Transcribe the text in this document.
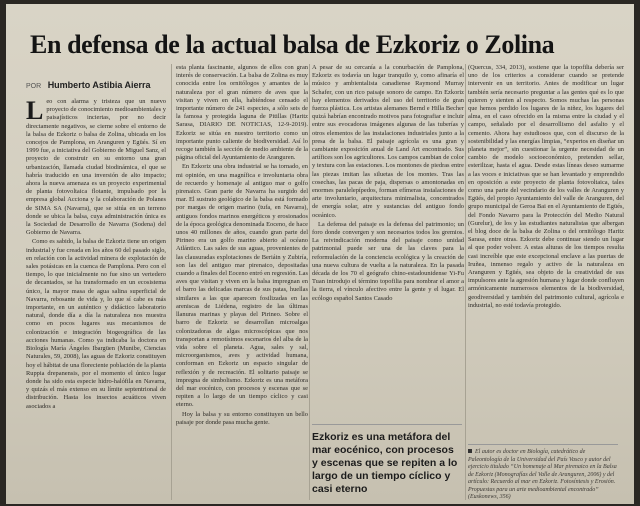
En defensa de la actual balsa de Ezkoriz o Zolina
POR Humberto Astibia Aierra

Leo con alarma y tristeza que un nuevo proyecto de conocimiento medioambientales y paisajísticos inciertas, por no decir directamente negativos, se cierne sobre el entorno de la balsa de Ezkoriz o balsa de Zolina, ubicada en los concejos de Pamplona, en Aranguren y Egüés. Sí en 1999 fue, a iniciativa del Gobierno de Miguel Sanz, el proyecto de construir en su entorno una gran urbanización, llamada ciudad biodinámica, el que se habría traducido en una inversión de alto impacto; ahora la nueva amenaza es un proyecto experimental de planta fotovoltaica flotante, impulsado por la empresa global Acciona y la colaboración de Polanes de SIMA SA (Navarra), que se sitúa en un terreno donde se ubica la balsa, cuya administración única es la Sociedad de Desarrollo de Navarra (Sodena) del Gobierno de Navarra.

Como es sabido, la balsa de Ezkoriz tiene un origen industrial y fue creada en los años 60 del pasado siglo, en relación con la actividad minera de explotación de sales potásicas en la cuenca de Pamplona. Pero con el tiempo, lo que inicialmente no fue sino un vertedero de decantados, se ha transformado en un ecosistema único, la mayor masa de agua salina superficial de Navarra, rebosante de vida y, lo que sí cabe es más importante, en un auténtico y didáctico laboratorio natural, donde día a día la naturaleza nos muestra como en pocos lugares sus mecanismos de colonización e integración biogeográfica de las acciones humanas. Como ya indicaba la doctora en Biología María Ángeles Ibargüen (Munibe, Ciencias Naturales, 59, 2008), las aguas de Ezkoriz constituyen hoy el hábitat de una floreciente población de la planta Ruppia drepanensis, por el momento el único lugar donde ha sido esta especie hidro-halófila en Navarra, y quizás el más extenso en su límite septentrional de distribución. Hasta los insectos acuáticos viven asociados a

esta planta fascinante, algunos de ellos con gran interés de conservación. La balsa de Zolina es muy conocida entre los ornitólogos y amantes de la naturaleza por el gran número de aves que la visitan y viven en ella, habiéndose censado el importante número de 241 especies, a sólo seis de la famosa y protegida laguna de Pitillas (Haritz Sarasa, DIARIO DE NOTICIAS, 12-9-2019). Ezkoriz se sitúa en nuestro territorio como un importante punto caliente de biodiversidad. Así lo recoge también la sección de medio ambiente de la página oficial del Ayuntamiento de Aranguren.

En Ezkoriz una obra industrial se ha tornado, en mi opinión, en una magnífica e involuntaria obra de recuerdo y homenaje al antiguo mar o golfo pirenaico. Gran parte de Navarra ha surgido del mar. El sustrato geológico de la balsa está formado por margas de origen marino (tufa, en Navarra), antiguos fondos marinos energéticos y erosionados de la época geológica denominada Eoceno, de hace unos 40 millones de años, cuando gran parte del Pirineo era un golfo marino abierto al océano Atlántico. Las sales de sus aguas, provenientes de las clausuradas explotaciones de Beriáin y Zubiría, son las del antiguo mar pirenaico, depositadas cuando a finales del Eoceno entró en regresión. Las aves que visitan y viven en la balsa impregnan en el barro las delicadas marcas de sus patas, huellas similares a las que aparecen fosilizadas en las areniscas de Liédena, registro de las últimas llanuras marinas y playas del Pirineo. Sobre el barro de Ezkoriz se desarrollan microalgas colonizadoras de algas microscópicas que nos transportan a remotísimos escenarios del alba de la vida sobre el planeta. Agua, sales y sal, microorganismos, aves y actividad humana, conforman en Ezkoriz un espacio singular de reflexión y de recreación. El solitario paisaje se impregna de simbolismo. Ezkoriz es una metáfora del mar eocénico, con procesos y escenas que se repiten a lo largo de un tiempo cíclico y casi eterno.

Hoy la balsa y su entorno constituyen un bello paisaje por donde pasa mucha gente.

A pesar de su cercanía a la conurbación de Pamplona, Ezkoriz es todavía un lugar tranquilo y, como afinaría el músico y ambientalista canadiense Raymond Murray Schafer, con un rico paisaje sonoro de campo. En Ezkoriz hay elementos derivados del uso del territorio de gran fuerza plástica. Los artistas alemanes Bernd e Hilla Becher quizá habrían encontrado motivos para fotografiar e incluir entre sus evocadoras imágenes algunas de las tuberías y otros elementos de las instalaciones industriales junto a la presa de la balsa. El paisaje agrícola es una gran y cambiante exposición anual de Land Art encontrado. Sus artífices son los agricultores. Los campos cambian de color y textura con las estaciones. Los montones de piedras entre las piezas imitan las siluetas de los montes. Tras las cosechas, las pacas de paja, dispersas o amontonadas en enormes paralelepípedos, forman efímeras instalaciones de arte involuntario, arquitectura minimalista, concentrados de energía solar, atre y sustancias del antiguo fondo oceánico.

La defensa del paisaje es la defensa del patrimonio; un foro donde convergen y son necesarios todos los gremios. La reivindicación moderna del paisaje como unidad patrimonial puede ser una de las claves para la reformulación de la conciencia ecológica y la creación de una nueva cultura de vuelta a la naturaleza. En la pasada década de los 70 el geógrafo chino-estadounidense Yi-Fu Tuan introdujo el término topofilia para nombrar el amor a la tierra, el vínculo afectivo entre la gente y el lugar. El ecólogo español Santos Casado

Ezkoriz es una metáfora del mar eocénico, con procesos y escenas que se repiten a lo largo de un tiempo cíclico y casi eterno

(Quercus, 334, 2013), sostiene que la topofilia debería ser uno de los criterios a considerar cuando se pretende intervenir en un territorio. Antes de modificar un lugar también sería necesario preguntar a las gentes qué es lo que quieren y sienten al respecto. Somos muchas las personas que hemos perdido los lugares de la niñez, los lugares del alma, en el caso ofrecido en la misma entre la ciudad y el campo, señalado por el desarrollismo del asfalto y el cemento. Ahora hay estudiosos que, con el discurso de la sostenibilidad y las energías limpias, “expertos en diseñar un planeta mejor”, sin cuestionar la urgente necesidad de un cambio de modelo socioeconómico, pretenden sellar, esterilizar, hasta el agua. Desde estas líneas deseo sumarme a las voces e iniciativas que se han levantado y emprendido en oposición a este proyecto de planta fotovoltaica, tales como una parte del vecindario de los valles de Aranguren y Egüés, del propio Ayuntamiento del valle de Aranguren, del grupo municipal de Geroa Bai en el Ayuntamiento de Egüés, del Fondo Navarro para la Protección del Medio Natural (Gurelur), de los y las estudiantes naturalistas que albergan el blog doce de la balsa de Zolina o del ornitólogo Haritz Sarasa, entre otras. Ezkoriz debe continuar siendo un lugar al que poder volver. A estas alturas de los tiempos resulta casi increíble que este excepcional enclave a las puertas de Iruñea, inmenso regalo y activo de la naturaleza en Aranguren y Egüés, sea objeto de la creatividad de sus impulsores ante la agresión humana y lugar donde confluyen armónicamente numerosos elementos de la biodiversidad, geodiversidad y también del patrimonio cultural, agrícola e industrial, no esté todavía protegido.

El autor es doctor en Biología, catedrático de Paleontología de la Universidad del País Vasco y autor del ejercicio titulado “Un homenaje al Mar pirenaico en la Balsa de Ezkoriz (Monografías del Valle de Aranguren, 2006) y del artículo: Recuerdo al mar en Ezkoriz. Fotosíntesis y Erosión. Propuestas para un arte medioambiental encontrado” (Euskonews, 356)
